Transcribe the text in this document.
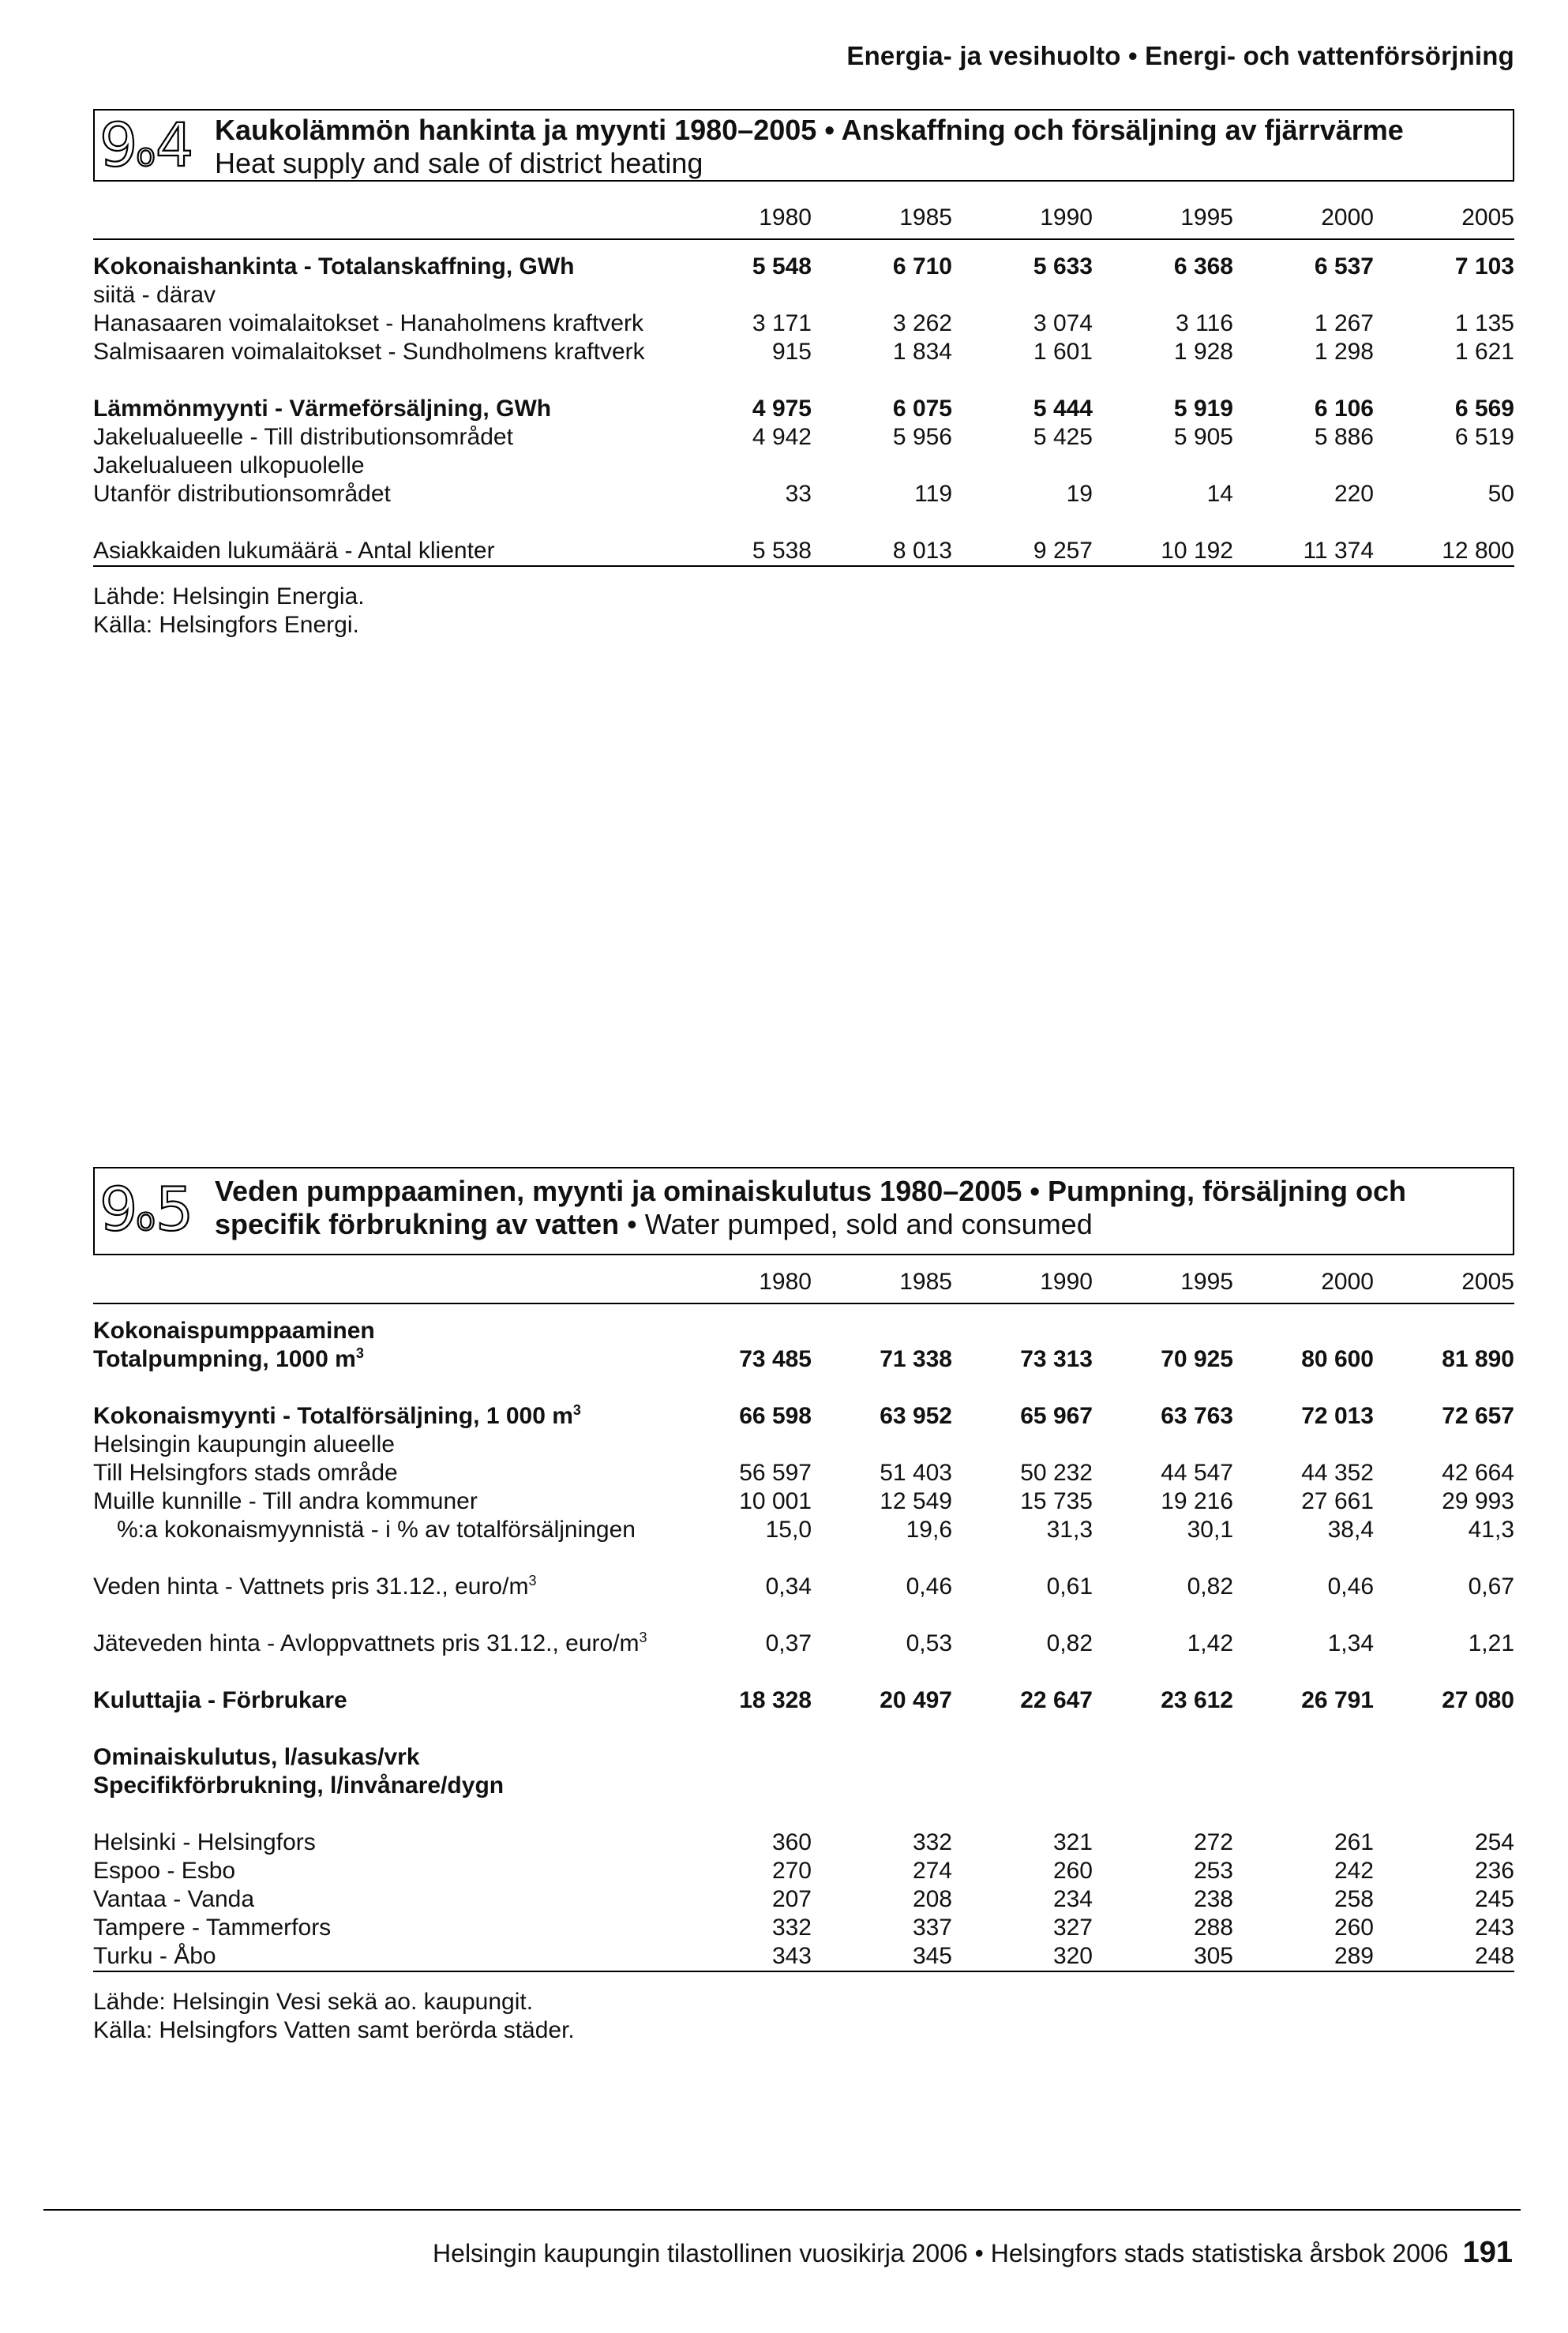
Energia- ja vesihuolto • Energi- och vattenförsörjning
9o4 Kaukolämmön hankinta ja myynti 1980–2005 • Anskaffning och försäljning av fjärrvärme
Heat supply and sale of district heating
	1980	1985	1990	1995	2000	2005

Kokonaishankinta - Totalanskaffning, GWh	5 548	6 710	5 633	6 368	6 537	7 103
siitä - därav						
Hanasaaren voimalaitokset - Hanaholmens kraftverk	3 171	3 262	3 074	3 116	1 267	1 135
Salmisaaren voimalaitokset - Sundholmens kraftverk	915	1 834	1 601	1 928	1 298	1 621

Lämmönmyynti - Värmeförsäljning, GWh	4 975	6 075	5 444	5 919	6 106	6 569
Jakelualueelle - Till distributionsområdet	4 942	5 956	5 425	5 905	5 886	6 519
Jakelualueen ulkopuolelle						
Utanför distributionsområdet	33	119	19	14	220	50

Asiakkaiden lukumäärä - Antal klienter	5 538	8 013	9 257	10 192	11 374	12 800
Lähde: Helsingin Energia.
Källa: Helsingfors Energi.
9o5 Veden pumppaaminen, myynti ja ominaiskulutus 1980–2005 • Pumpning, försäljning och
specifik förbrukning av vatten • Water pumped, sold and consumed
	1980	1985	1990	1995	2000	2005

Kokonaispumppaaminen						
Totalpumpning, 1000 $m^3$	73 485	71 338	73 313	70 925	80 600	81 890

Kokonaismyynti - Totalförsäljning, 1 000 $m^3$	66 598	63 952	65 967	63 763	72 013	72 657
Helsingin kaupungin alueelle						
Till Helsingfors stads område	56 597	51 403	50 232	44 547	44 352	42 664
Muille kunnille - Till andra kommuner	10 001	12 549	15 735	19 216	27 661	29 993
%:a kokonaismyynnistä - i % av totalförsäljningen	15,0	19,6	31,3	30,1	38,4	41,3

Veden hinta - Vattnets pris 31.12., euro/$m^3$	0,34	0,46	0,61	0,82	0,46	0,67

Jäteveden hinta - Avloppvattnets pris 31.12., euro/$m^3$	0,37	0,53	0,82	1,42	1,34	1,21

Kuluttajia - Förbrukare	18 328	20 497	22 647	23 612	26 791	27 080

Ominaiskulutus, l/asukas/vrk						
Specifikförbrukning, l/invånare/dygn						

Helsinki - Helsingfors	360	332	321	272	261	254
Espoo - Esbo	270	274	260	253	242	236
Vantaa - Vanda	207	208	234	238	258	245
Tampere - Tammerfors	332	337	327	288	260	243
Turku - Åbo	343	345	320	305	289	248
Lähde: Helsingin Vesi sekä ao. kaupungit.
Källa: Helsingfors Vatten samt berörda städer.
Helsingin kaupungin tilastollinen vuosikirja 2006 • Helsingfors stads statistiska årsbok 2006 191
